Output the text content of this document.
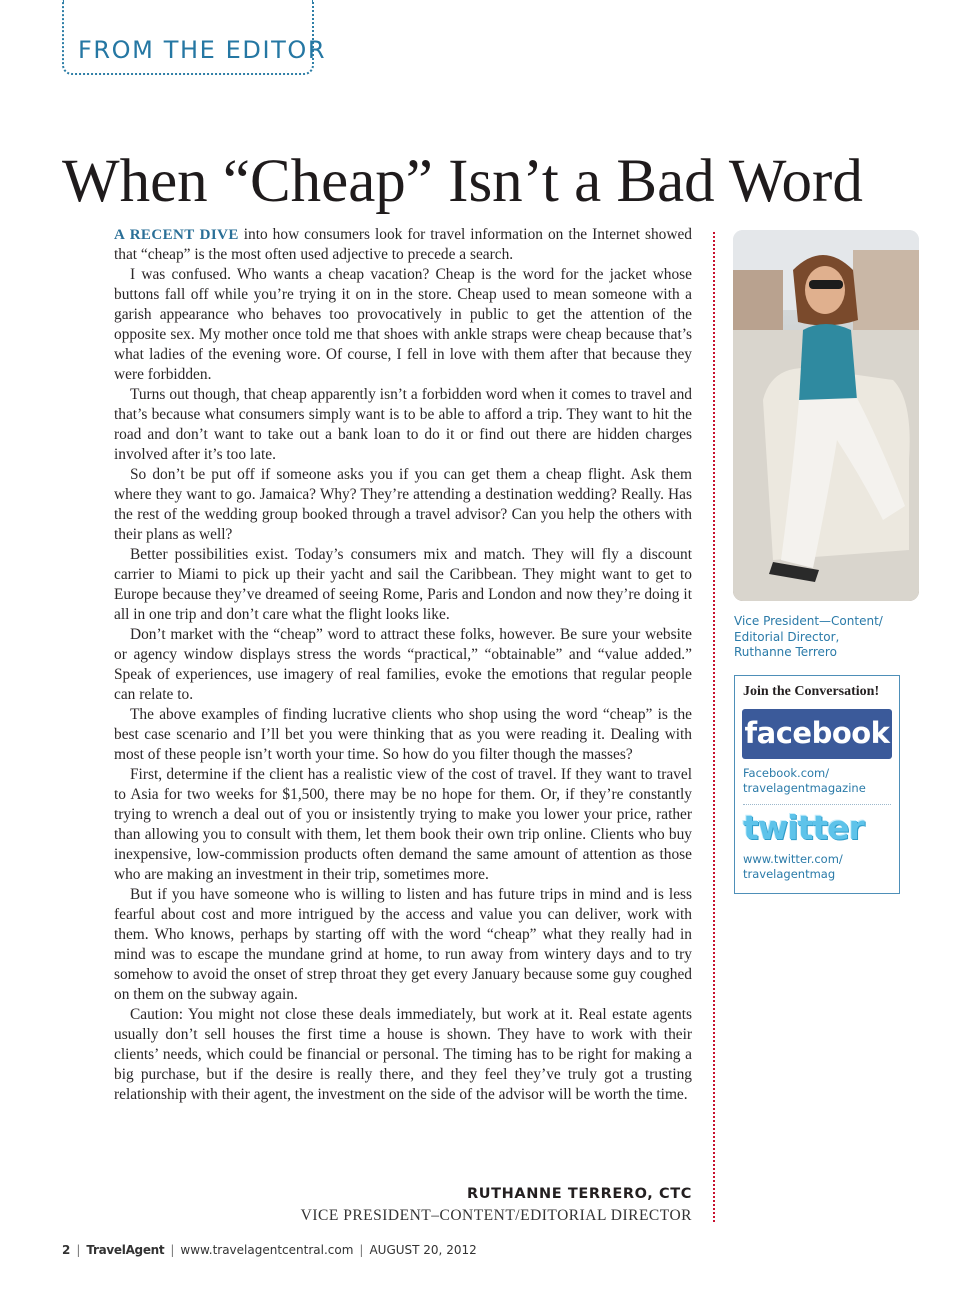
FROM THE EDITOR
When “Cheap” Isn’t a Bad Word

A RECENT DIVE into how consumers look for travel information on the Internet showed that “cheap” is the most often used adjective to precede a search.

I was confused. Who wants a cheap vacation? Cheap is the word for the jacket whose buttons fall off while you’re trying it on in the store. Cheap used to mean someone with a garish appearance who behaves too provocatively in public to get the attention of the opposite sex. My mother once told me that shoes with ankle straps were cheap because that’s what ladies of the evening wore. Of course, I fell in love with them after that because they were forbidden.

Turns out though, that cheap apparently isn’t a forbidden word when it comes to travel and that’s because what consumers simply want is to be able to afford a trip. They want to hit the road and don’t want to take out a bank loan to do it or find out there are hidden charges involved after it’s too late.

So don’t be put off if someone asks you if you can get them a cheap flight. Ask them where they want to go. Jamaica? Why? They’re attending a destination wedding? Really. Has the rest of the wedding group booked through a travel advisor? Can you help the others with their plans as well?

Better possibilities exist. Today’s consumers mix and match. They will fly a discount carrier to Miami to pick up their yacht and sail the Caribbean. They might want to get to Europe because they’ve dreamed of seeing Rome, Paris and London and now they’re doing it all in one trip and don’t care what the flight looks like.

Don’t market with the “cheap” word to attract these folks, however. Be sure your website or agency window displays stress the words “practical,” “obtainable” and “value added.” Speak of experiences, use imagery of real families, evoke the emotions that regular people can relate to.

The above examples of finding lucrative clients who shop using the word “cheap” is the best case scenario and I’ll bet you were thinking that as you were reading it. Dealing with most of these people isn’t worth your time. So how do you filter though the masses?

First, determine if the client has a realistic view of the cost of travel. If they want to travel to Asia for two weeks for $1,500, there may be no hope for them. Or, if they’re constantly trying to wrench a deal out of you or insistently trying to make you lower your price, rather than allowing you to consult with them, let them book their own trip online. Clients who buy inexpensive, low-commission products often demand the same amount of attention as those who are making an investment in their trip, sometimes more.

But if you have someone who is willing to listen and has future trips in mind and is less fearful about cost and more intrigued by the access and value you can deliver, work with them. Who knows, perhaps by starting off with the word “cheap” what they really had in mind was to escape the mundane grind at home, to run away from wintery days and to try somehow to avoid the onset of strep throat they get every January because some guy coughed on them on the subway again.

Caution: You might not close these deals immediately, but work at it. Real estate agents usually don’t sell houses the first time a house is shown. They have to work with their clients’ needs, which could be financial or personal. The timing has to be right for making a big purchase, but if the desire is really there, and they feel they’ve truly got a trusting relationship with their agent, the investment on the side of the advisor will be worth the time.

RUTHANNE TERRERO, CTC
VICE PRESIDENT–CONTENT/EDITORIAL DIRECTOR
Vice President—Content/
Editorial Director,
Ruthanne Terrero
Join the Conversation!
facebook
Facebook.com/
travelagentmagazine
twitter
www.twitter.com/
travelagentmag
2 | TravelAgent | www.travelagentcentral.com | AUGUST 20, 2012
